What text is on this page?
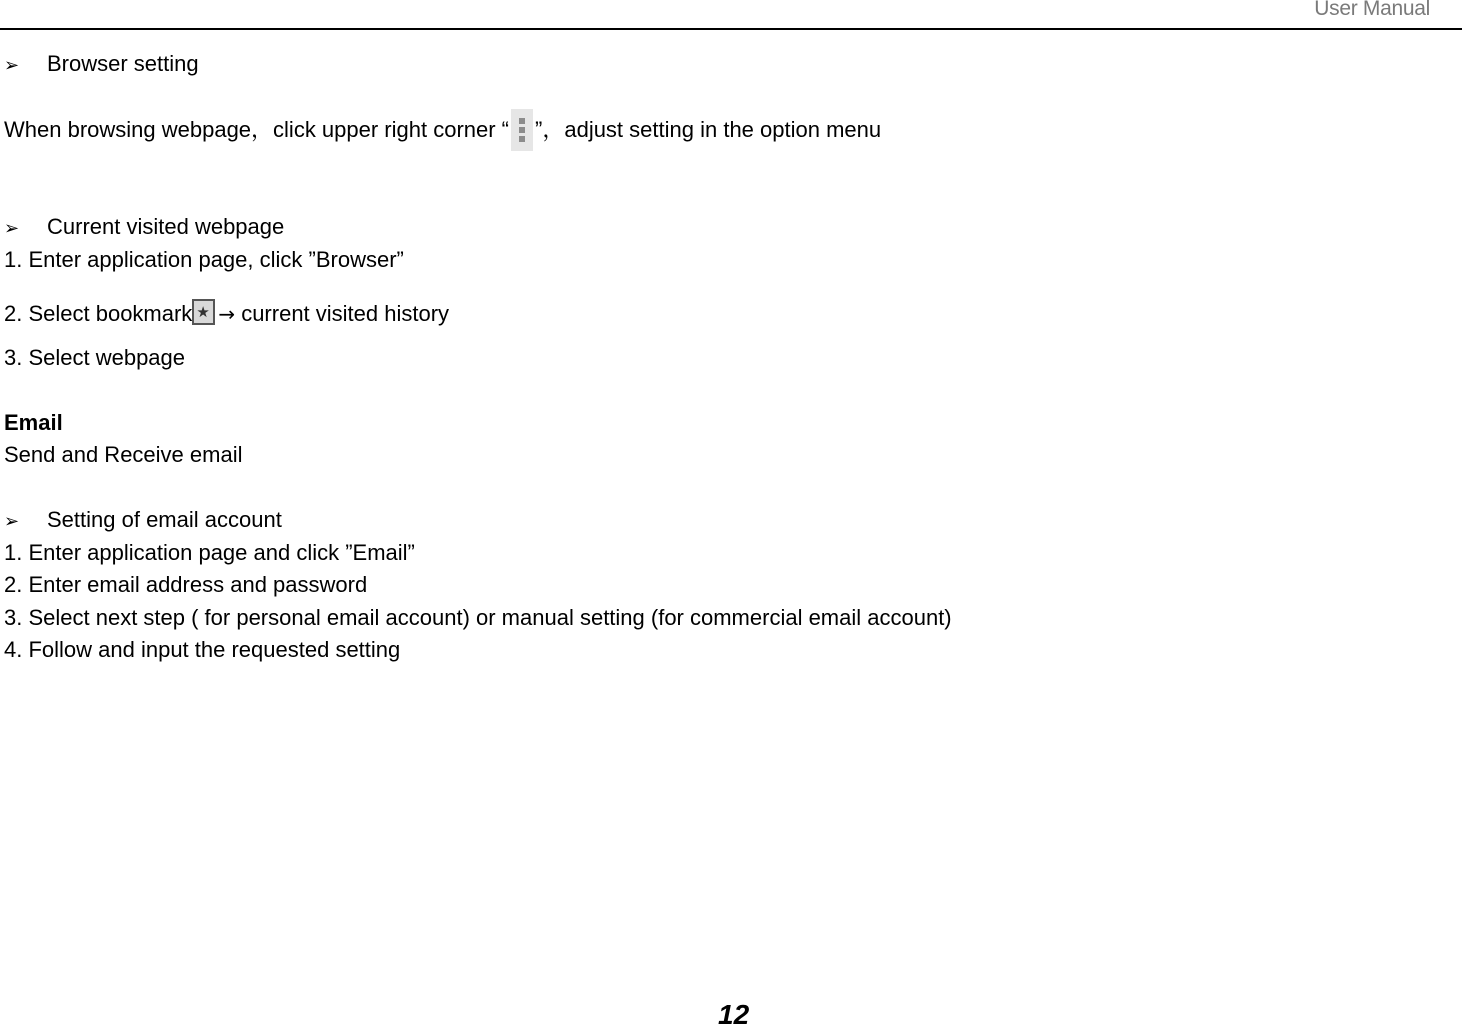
User Manual
➢ Browser setting
When browsing webpage，click upper right corner “ ”，adjust setting in the option menu
➢ Current visited webpage
1. Enter application page, click ”Browser”
2. Select bookmark ★ → current visited history
3. Select webpage
Email
Send and Receive email
➢ Setting of email account
1. Enter application page and click ”Email”
2. Enter email address and password
3. Select next step ( for personal email account) or manual setting (for commercial email account)
4. Follow and input the requested setting
12
